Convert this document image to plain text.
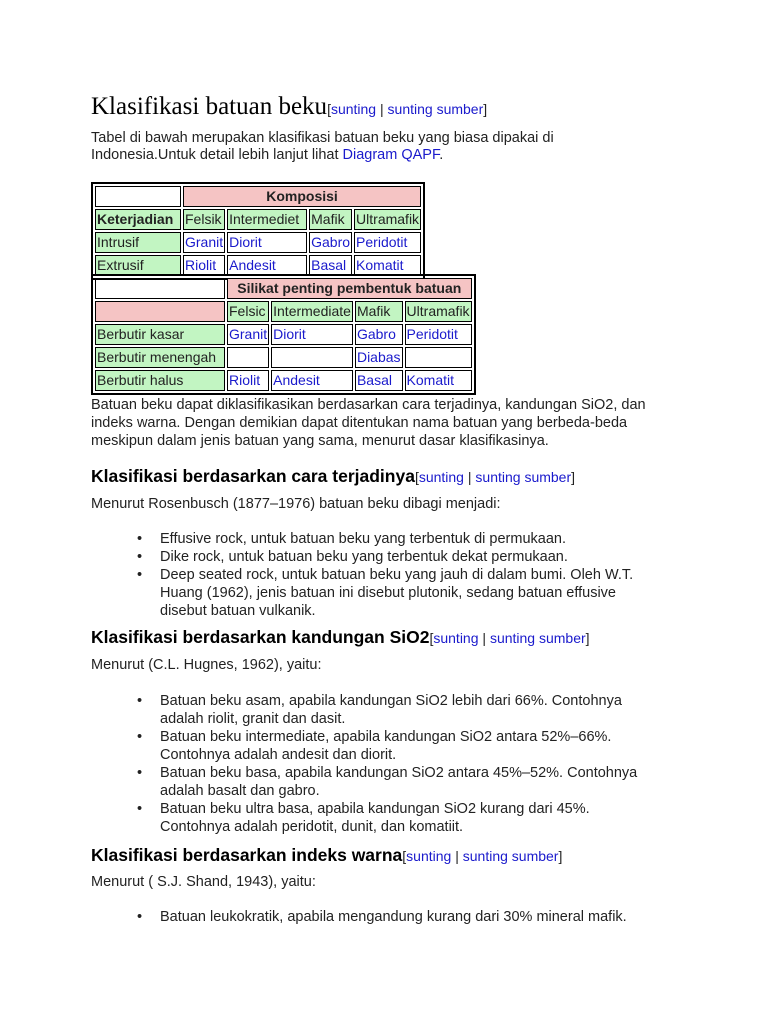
Klasifikasi batuan beku[sunting | sunting sumber]
Tabel di bawah merupakan klasifikasi batuan beku yang biasa dipakai di Indonesia.Untuk detail lebih lanjut lihat Diagram QAPF.
	Komposisi			
Keterjadian	Felsik	Intermediet	Mafik	Ultramafik
Intrusif	Granit	Diorit	Gabro	Peridotit
Extrusif	Riolit	Andesit	Basal	Komatit
	Silikat penting pembentuk batuan			
	Felsic	Intermediate	Mafik	Ultramafik
Berbutir kasar	Granit	Diorit	Gabro	Peridotit
Berbutir menengah			Diabas	
Berbutir halus	Riolit	Andesit	Basal	Komatit
Batuan beku dapat diklasifikasikan berdasarkan cara terjadinya, kandungan SiO2, dan indeks warna. Dengan demikian dapat ditentukan nama batuan yang berbeda-beda meskipun dalam jenis batuan yang sama, menurut dasar klasifikasinya.
Klasifikasi berdasarkan cara terjadinya[sunting | sunting sumber]
Menurut Rosenbusch (1877–1976) batuan beku dibagi menjadi:
• Effusive rock, untuk batuan beku yang terbentuk di permukaan.
• Dike rock, untuk batuan beku yang terbentuk dekat permukaan.
• Deep seated rock, untuk batuan beku yang jauh di dalam bumi. Oleh W.T. Huang (1962), jenis batuan ini disebut plutonik, sedang batuan effusive disebut batuan vulkanik.
Klasifikasi berdasarkan kandungan SiO2[sunting | sunting sumber]
Menurut (C.L. Hugnes, 1962), yaitu:
• Batuan beku asam, apabila kandungan SiO2 lebih dari 66%. Contohnya adalah riolit, granit dan dasit.
• Batuan beku intermediate, apabila kandungan SiO2 antara 52%–66%. Contohnya adalah andesit dan diorit.
• Batuan beku basa, apabila kandungan SiO2 antara 45%–52%. Contohnya adalah basalt dan gabro.
• Batuan beku ultra basa, apabila kandungan SiO2 kurang dari 45%. Contohnya adalah peridotit, dunit, dan komatiit.
Klasifikasi berdasarkan indeks warna[sunting | sunting sumber]
Menurut ( S.J. Shand, 1943), yaitu:
• Batuan leukokratik, apabila mengandung kurang dari 30% mineral mafik.
